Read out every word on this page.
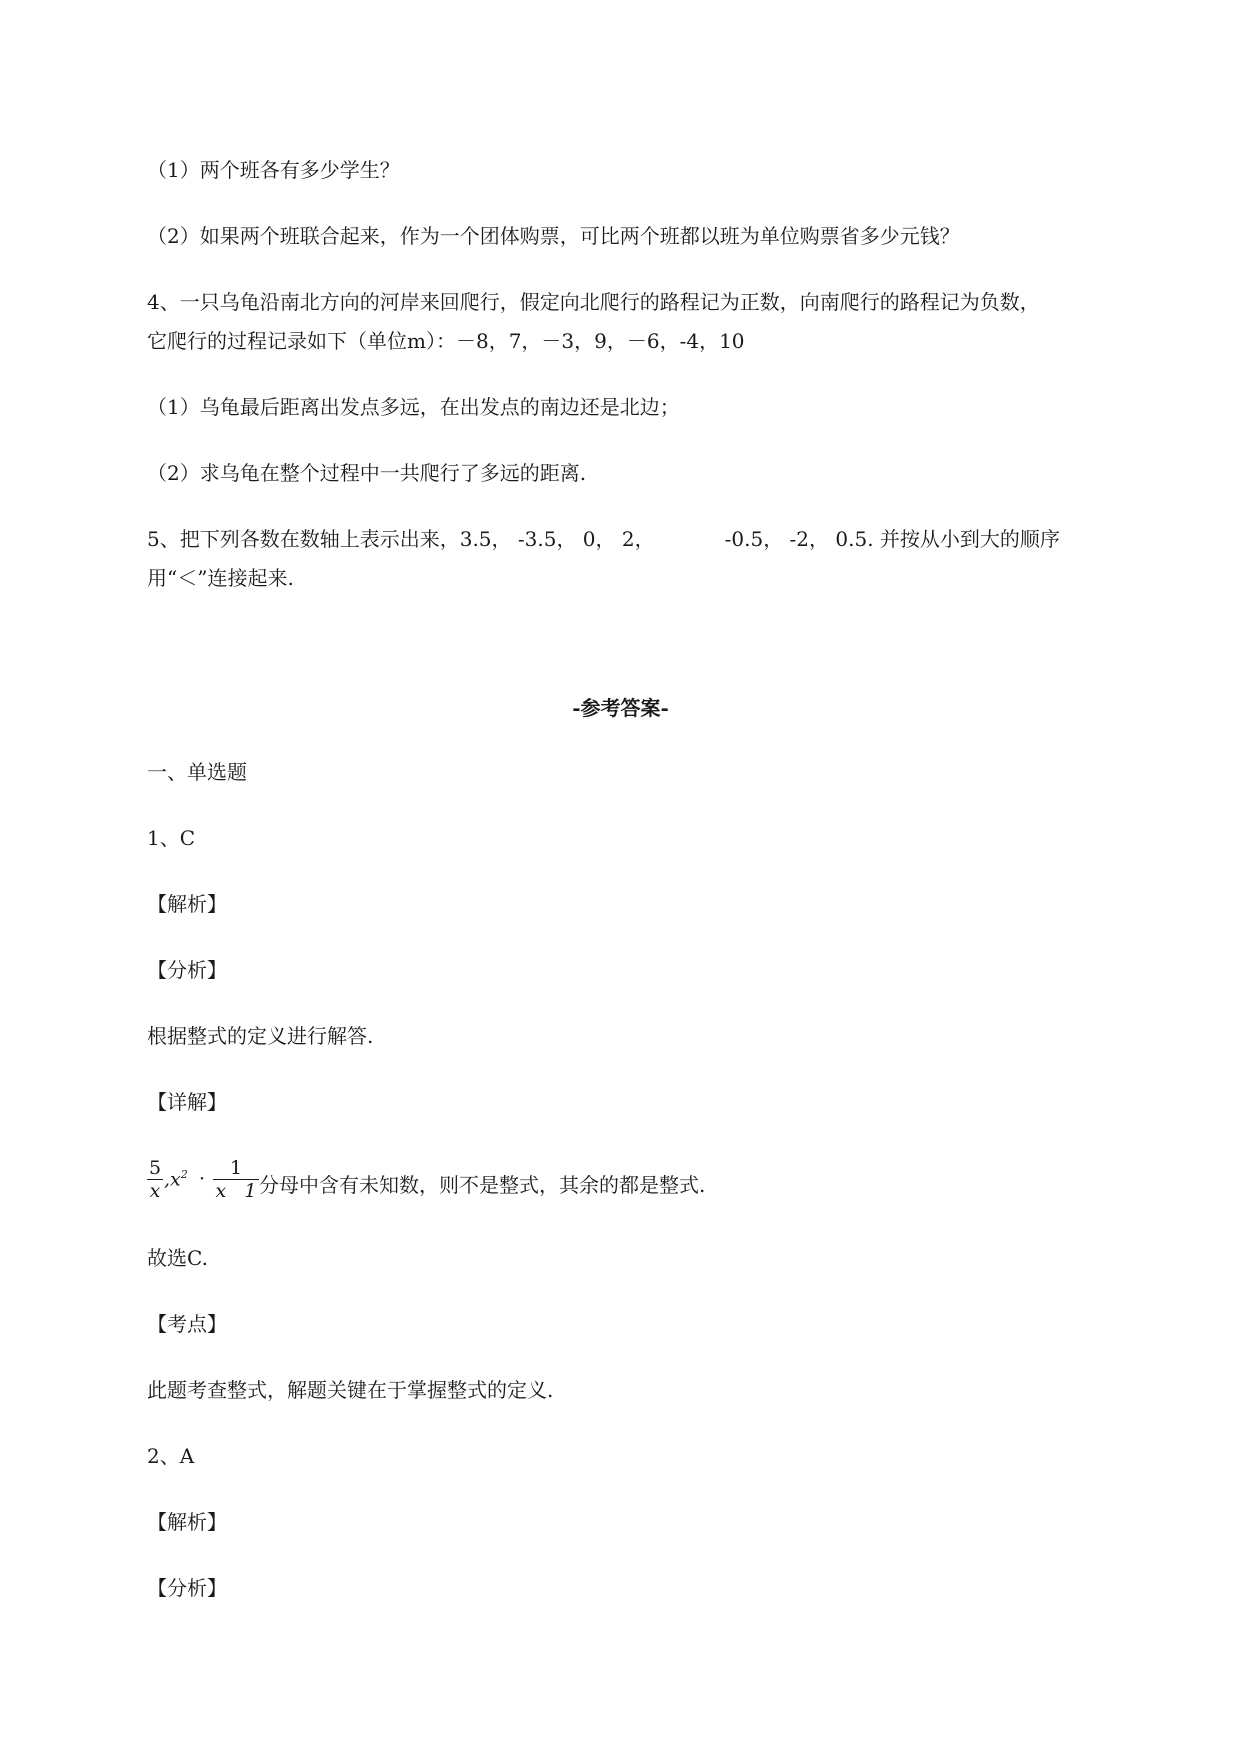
（1）两个班各有多少学生？
（2）如果两个班联合起来，作为一个团体购票，可比两个班都以班为单位购票省多少元钱？
4、一只乌龟沿南北方向的河岸来回爬行，假定向北爬行的路程记为正数，向南爬行的路程记为负数，
它爬行的过程记录如下（单位m）：－8，7，－3，9，－6，-4，10
（1）乌龟最后距离出发点多远，在出发点的南边还是北边；
（2）求乌龟在整个过程中一共爬行了多远的距离.
5、把下列各数在数轴上表示出来，3.5， -3.5， 0， 2，	-0.5， -2， 0.5. 并按从小到大的顺序
用“＜”连接起来.
-参考答案-
一、单选题
1、C
【解析】
【分析】
根据整式的定义进行解答.
【详解】
5
x
$,x^2 \cdot 1$
x   1 分母中含有未知数，则不是整式，其余的都是整式.
故选C.
【考点】
此题考查整式，解题关键在于掌握整式的定义.
2、A
【解析】
【分析】
